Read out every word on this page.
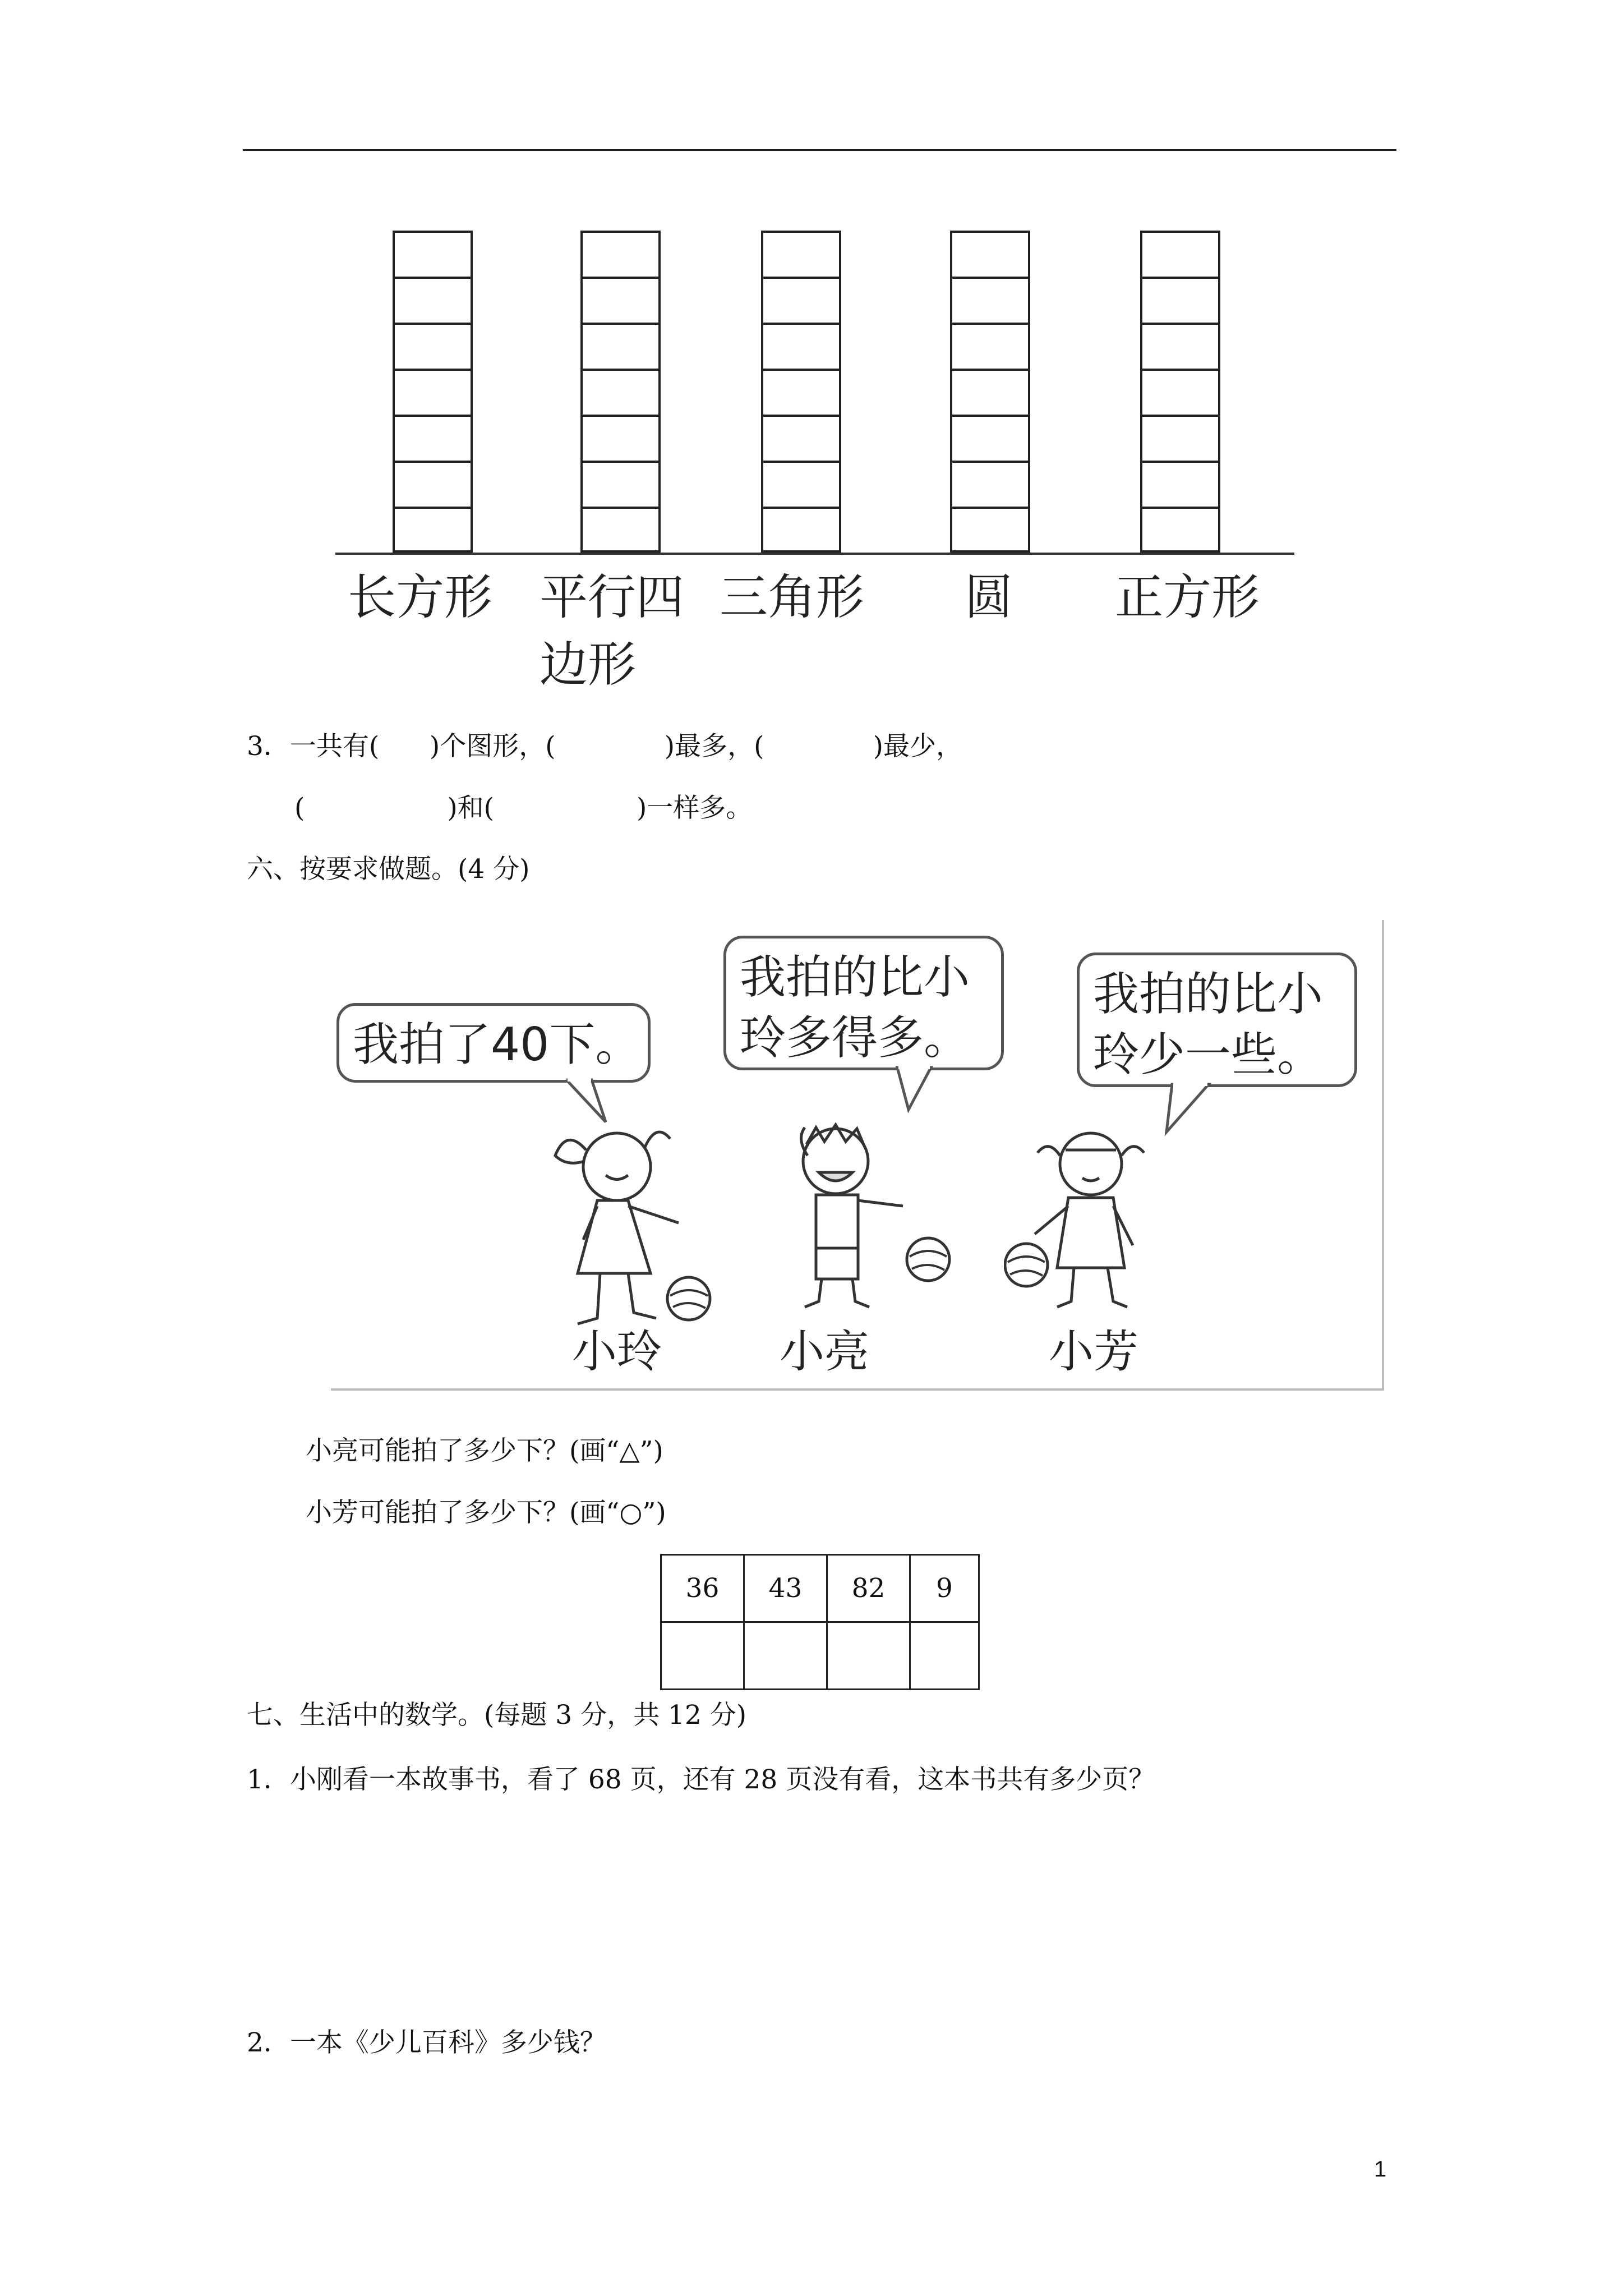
长方形 平行四
边形
三角形 圆 正方形
3．一共有(      )个图形，(             )最多，(             )最少，
(                 )和(                 )一样多。
六、按要求做题。(4 分)
我拍了40下。
我拍的比小
玲多得多。
我拍的比小
玲少一些。
小玲	小亮	小芳
小亮可能拍了多少下？(画“△”)
小芳可能拍了多少下？(画“○”)
36	43	82	9

七、生活中的数学。(每题 3 分，共 12 分)
1．小刚看一本故事书，看了 68 页，还有 28 页没有看，这本书共有多少页？
2．一本《少儿百科》多少钱？
1
